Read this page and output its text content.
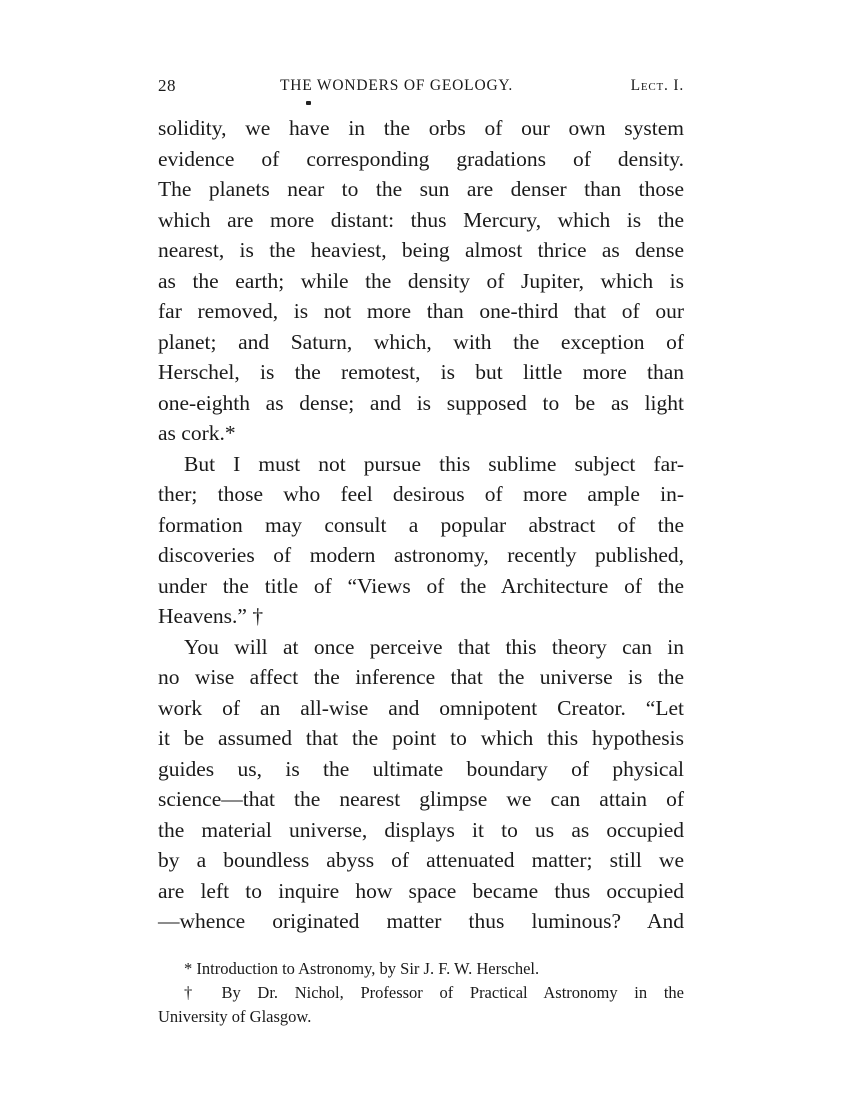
28	THE WONDERS OF GEOLOGY.	Lect. I.
solidity, we have in the orbs of our own system
evidence of corresponding gradations of density.
The planets near to the sun are denser than those
which are more distant: thus Mercury, which is the
nearest, is the heaviest, being almost thrice as dense
as the earth; while the density of Jupiter, which is
far removed, is not more than one-third that of our
planet; and Saturn, which, with the exception of
Herschel, is the remotest, is but little more than
one-eighth as dense; and is supposed to be as light
as cork.*
But I must not pursue this sublime subject far-
ther; those who feel desirous of more ample in-
formation may consult a popular abstract of the
discoveries of modern astronomy, recently published,
under the title of “Views of the Architecture of the
Heavens.” †
You will at once perceive that this theory can in
no wise affect the inference that the universe is the
work of an all-wise and omnipotent Creator. “Let
it be assumed that the point to which this hypothesis
guides us, is the ultimate boundary of physical
science—that the nearest glimpse we can attain of
the material universe, displays it to us as occupied
by a boundless abyss of attenuated matter; still we
are left to inquire how space became thus occupied
—whence originated matter thus luminous? And
* Introduction to Astronomy, by Sir J. F. W. Herschel.
† By Dr. Nichol, Professor of Practical Astronomy in the
University of Glasgow.
